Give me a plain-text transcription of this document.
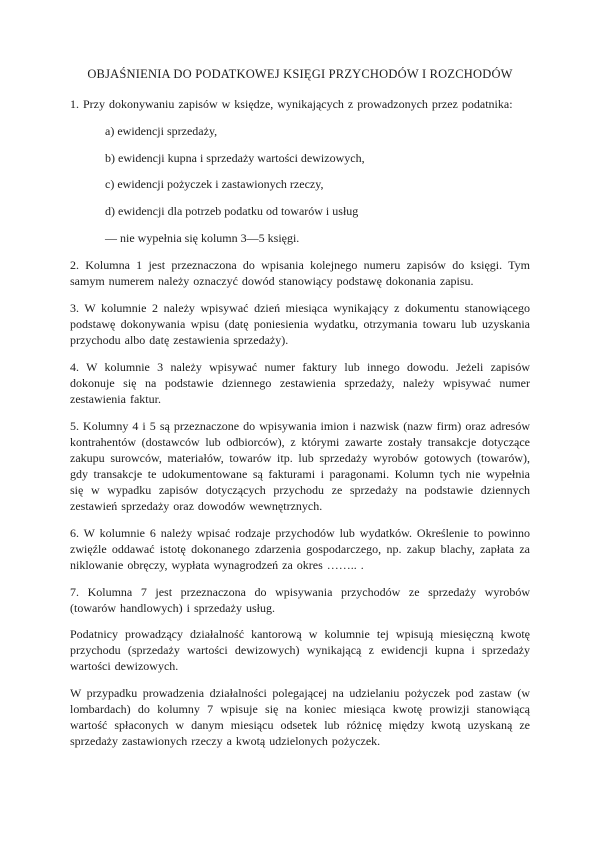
OBJAŚNIENIA DO PODATKOWEJ KSIĘGI PRZYCHODÓW I ROZCHODÓW

1. Przy dokonywaniu zapisów w księdze, wynikających z prowadzonych przez podatnika:

a) ewidencji sprzedaży,

b) ewidencji kupna i sprzedaży wartości dewizowych,

c) ewidencji pożyczek i zastawionych rzeczy,

d) ewidencji dla potrzeb podatku od towarów i usług

— nie wypełnia się kolumn 3—5 księgi.

2. Kolumna 1 jest przeznaczona do wpisania kolejnego numeru zapisów do księgi. Tym samym numerem należy oznaczyć dowód stanowiący podstawę dokonania zapisu.

3. W kolumnie 2 należy wpisywać dzień miesiąca wynikający z dokumentu stanowiącego podstawę dokonywania wpisu (datę poniesienia wydatku, otrzymania towaru lub uzyskania przychodu albo datę zestawienia sprzedaży).

4. W kolumnie 3 należy wpisywać numer faktury lub innego dowodu. Jeżeli zapisów dokonuje się na podstawie dziennego zestawienia sprzedaży, należy wpisywać numer zestawienia faktur.

5. Kolumny 4 i 5 są przeznaczone do wpisywania imion i nazwisk (nazw firm) oraz adresów kontrahentów (dostawców lub odbiorców), z którymi zawarte zostały transakcje dotyczące zakupu surowców, materiałów, towarów itp. lub sprzedaży wyrobów gotowych (towarów), gdy transakcje te udokumentowane są fakturami i paragonami. Kolumn tych nie wypełnia się w wypadku zapisów dotyczących przychodu ze sprzedaży na podstawie dziennych zestawień sprzedaży oraz dowodów wewnętrznych.

6. W kolumnie 6 należy wpisać rodzaje przychodów lub wydatków. Określenie to powinno zwięźle oddawać istotę dokonanego zdarzenia gospodarczego, np. zakup blachy, zapłata za niklowanie obręczy, wypłata wynagrodzeń za okres …….. .

7. Kolumna 7 jest przeznaczona do wpisywania przychodów ze sprzedaży wyrobów (towarów handlowych) i sprzedaży usług.

Podatnicy prowadzący działalność kantorową w kolumnie tej wpisują miesięczną kwotę przychodu (sprzedaży wartości dewizowych) wynikającą z ewidencji kupna i sprzedaży wartości dewizowych.

W przypadku prowadzenia działalności polegającej na udzielaniu pożyczek pod zastaw (w lombardach) do kolumny 7 wpisuje się na koniec miesiąca kwotę prowizji stanowiącą wartość spłaconych w danym miesiącu odsetek lub różnicę między kwotą uzyskaną ze sprzedaży zastawionych rzeczy a kwotą udzielonych pożyczek.
